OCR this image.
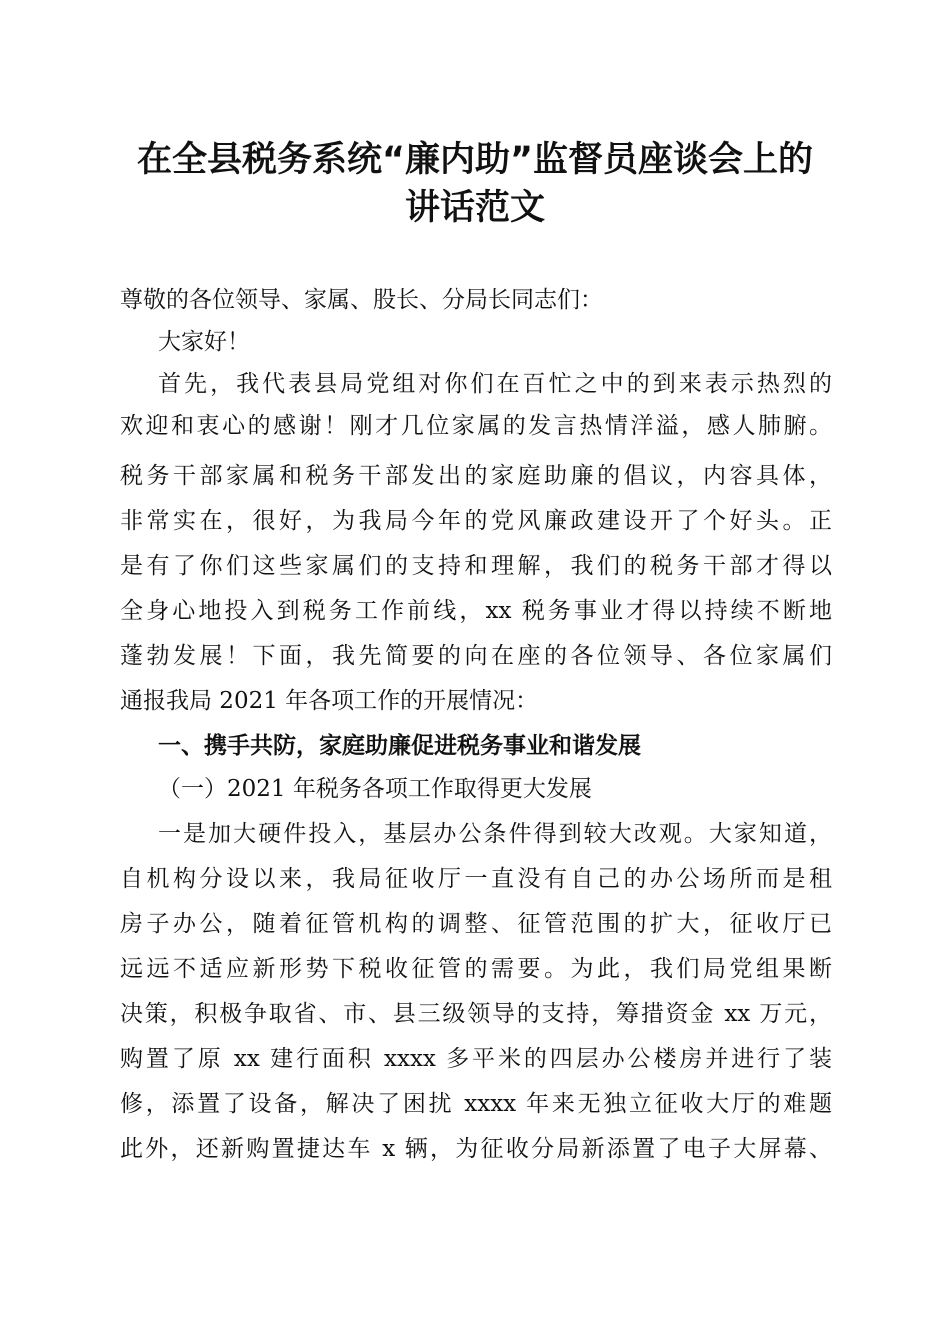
在全县税务系统“廉内助”监督员座谈会上的
讲话范文
尊敬的各位领导、家属、股长、分局长同志们：
大家好！
首先，我代表县局党组对你们在百忙之中的到来表示热烈的
欢迎和衷心的感谢！刚才几位家属的发言热情洋溢，感人肺腑。
税务干部家属和税务干部发出的家庭助廉的倡议，内容具体，
非常实在，很好，为我局今年的党风廉政建设开了个好头。正
是有了你们这些家属们的支持和理解，我们的税务干部才得以
全身心地投入到税务工作前线，xx 税务事业才得以持续不断地
蓬勃发展！下面，我先简要的向在座的各位领导、各位家属们
通报我局 2021 年各项工作的开展情况：
一、携手共防，家庭助廉促进税务事业和谐发展
（一）2021 年税务各项工作取得更大发展
一是加大硬件投入，基层办公条件得到较大改观。大家知道，
自机构分设以来，我局征收厅一直没有自己的办公场所而是租
房子办公，随着征管机构的调整、征管范围的扩大，征收厅已
远远不适应新形势下税收征管的需要。为此，我们局党组果断
决策，积极争取省、市、县三级领导的支持，筹措资金 xx 万元，
购置了原 xx 建行面积 xxxx 多平米的四层办公楼房并进行了装
修，添置了设备，解决了困扰 xxxx 年来无独立征收大厅的难题
此外，还新购置捷达车 x 辆，为征收分局新添置了电子大屏幕、
